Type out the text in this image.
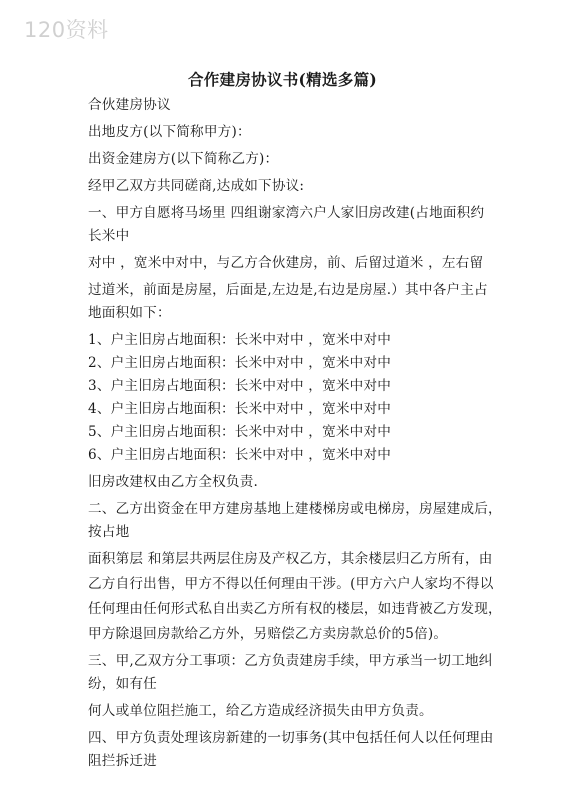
120资料
合作建房协议书(精选多篇)

合伙建房协议

出地皮方(以下简称甲方)：

出资金建房方(以下简称乙方)：

经甲乙双方共同磋商,达成如下协议:

一、甲方自愿将马场里 四组谢家湾六户人家旧房改建(占地面积约

长米中

对中 ，宽米中对中，与乙方合伙建房，前、后留过道米 ，左右留

过道米，前面是房屋，后面是,左边是,右边是房屋.）其中各户主占

地面积如下：

1、户主旧房占地面积：长米中对中 ，宽米中对中

2、户主旧房占地面积：长米中对中 ，宽米中对中

3、户主旧房占地面积：长米中对中 ，宽米中对中

4、户主旧房占地面积：长米中对中 ，宽米中对中

5、户主旧房占地面积：长米中对中 ，宽米中对中

6、户主旧房占地面积：长米中对中 ，宽米中对中

旧房改建权由乙方全权负责.

二、乙方出资金在甲方建房基地上建楼梯房或电梯房，房屋建成后，

按占地

面积第层 和第层共两层住房及产权乙方，其余楼层归乙方所有，由

乙方自行出售，甲方不得以任何理由干涉。(甲方六户人家均不得以

任何理由任何形式私自出卖乙方所有权的楼层，如违背被乙方发现，

甲方除退回房款给乙方外，另赔偿乙方卖房款总价的5倍)。

三、甲,乙双方分工事项：乙方负责建房手续，甲方承当一切工地纠

纷，如有任

何人或单位阻拦施工，给乙方造成经济损失由甲方负责。

四、甲方负责处理该房新建的一切事务(其中包括任何人以任何理由

阻拦拆迁进
